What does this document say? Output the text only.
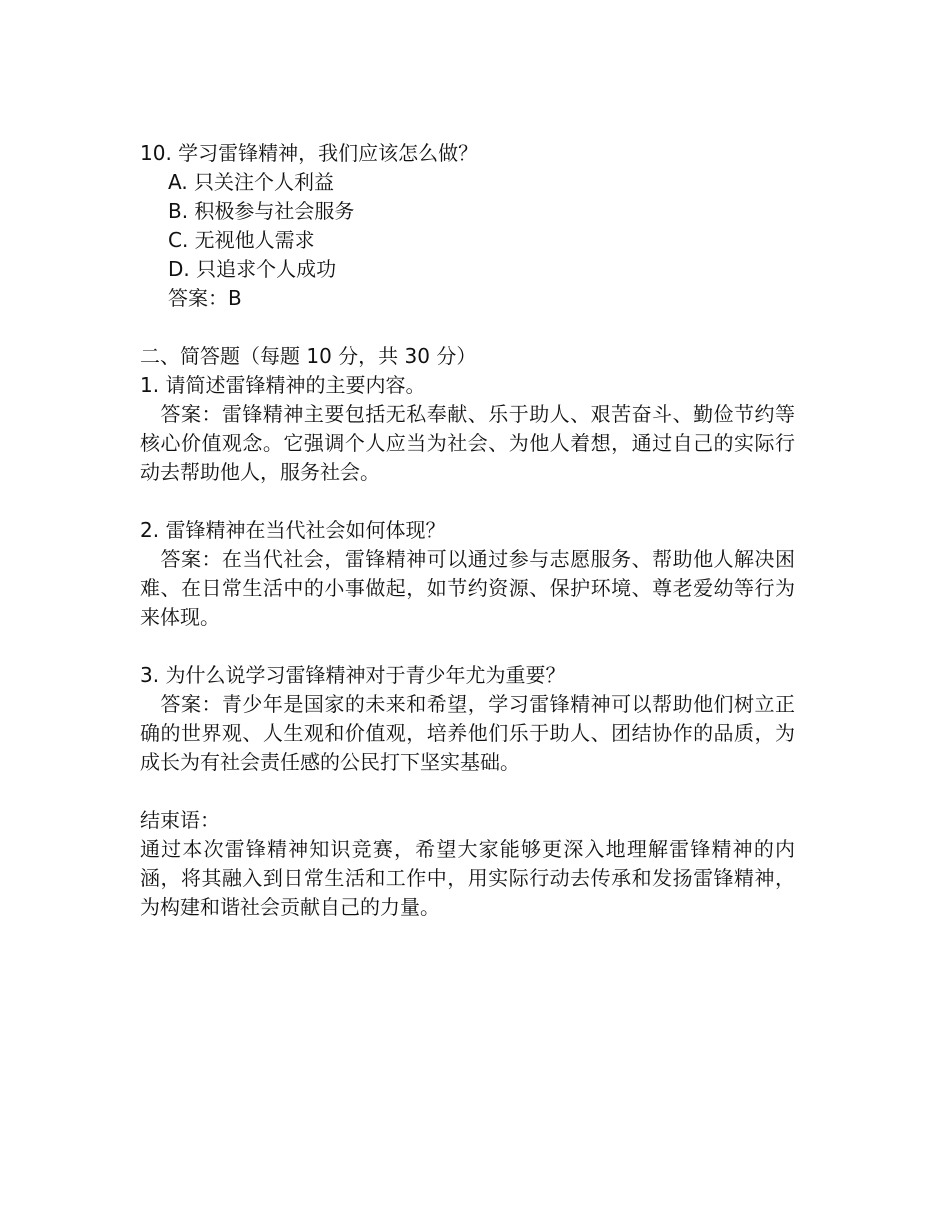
10. 学习雷锋精神，我们应该怎么做？
A. 只关注个人利益
B. 积极参与社会服务
C. 无视他人需求
D. 只追求个人成功
答案：B
二、简答题（每题 10 分，共 30 分）
1. 请简述雷锋精神的主要内容。
答案：雷锋精神主要包括无私奉献、乐于助人、艰苦奋斗、勤俭节约等核心价值观念。它强调个人应当为社会、为他人着想，通过自己的实际行动去帮助他人，服务社会。
2. 雷锋精神在当代社会如何体现？
答案：在当代社会，雷锋精神可以通过参与志愿服务、帮助他人解决困难、在日常生活中的小事做起，如节约资源、保护环境、尊老爱幼等行为来体现。
3. 为什么说学习雷锋精神对于青少年尤为重要？
答案：青少年是国家的未来和希望，学习雷锋精神可以帮助他们树立正确的世界观、人生观和价值观，培养他们乐于助人、团结协作的品质，为成长为有社会责任感的公民打下坚实基础。
结束语：
通过本次雷锋精神知识竞赛，希望大家能够更深入地理解雷锋精神的内涵，将其融入到日常生活和工作中，用实际行动去传承和发扬雷锋精神，为构建和谐社会贡献自己的力量。
